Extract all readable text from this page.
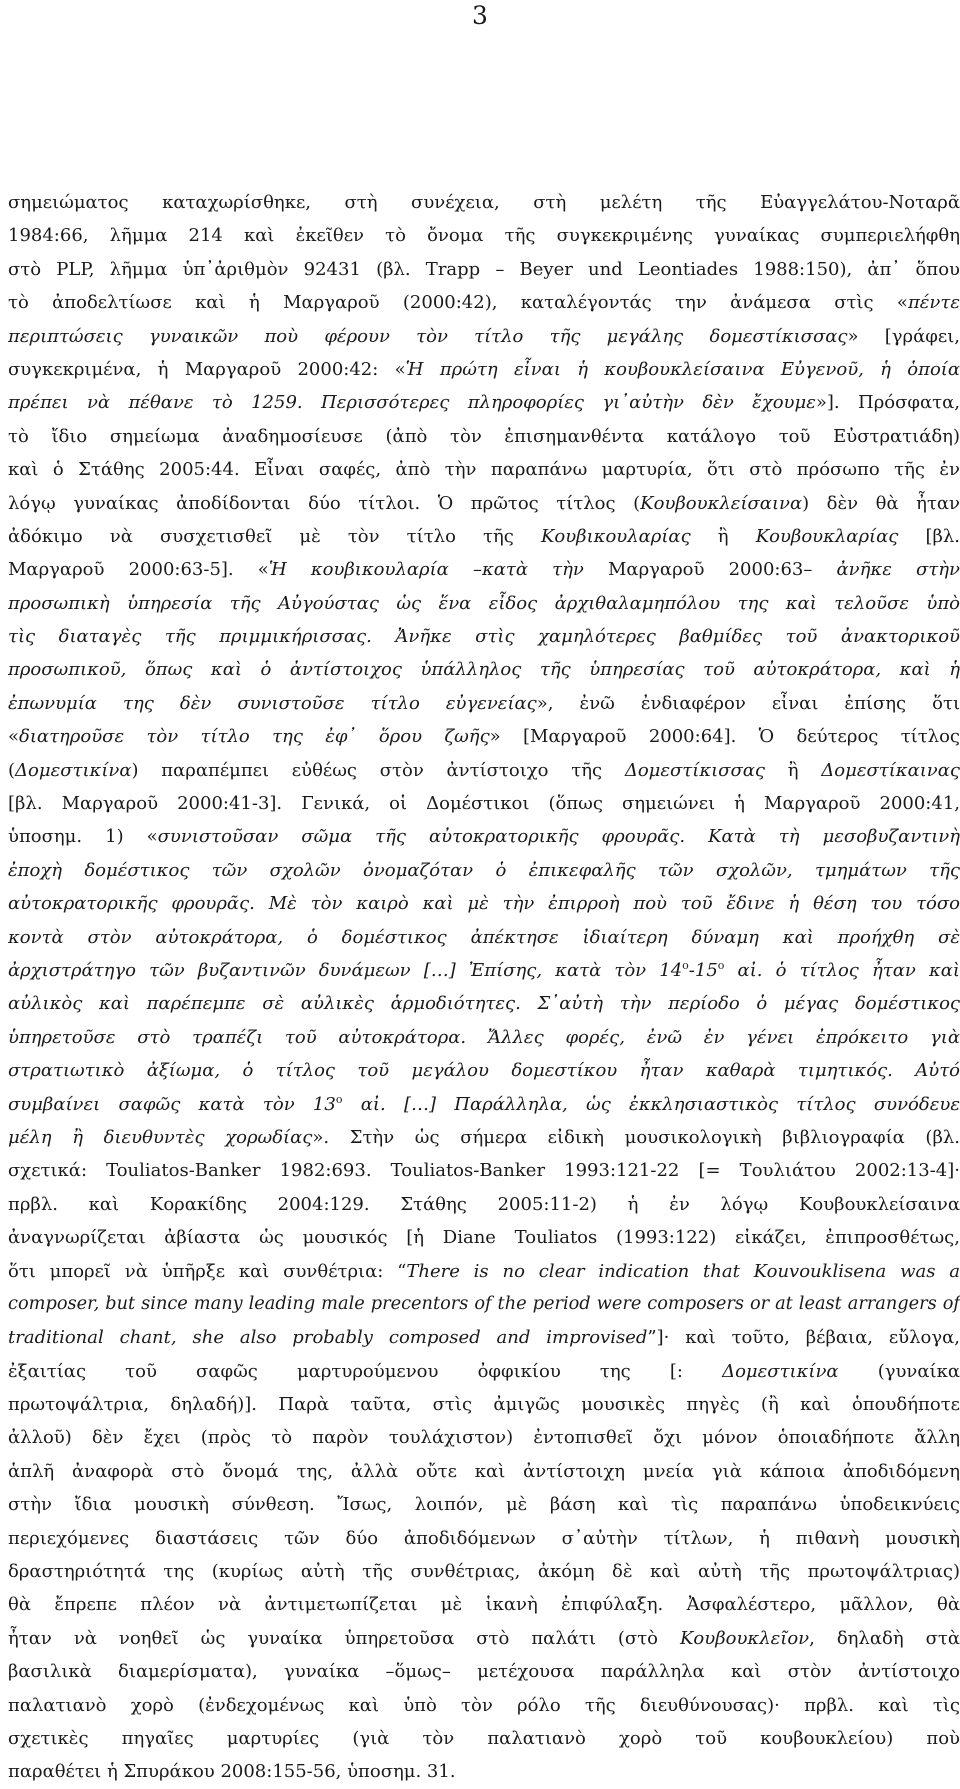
3
σημειώματος καταχωρίσθηκε, στὴ συνέχεια, στὴ μελέτη τῆς Εὐαγγελάτου-Νοταρᾶ
1984:66, λῆμμα 214 καὶ ἐκεῖθεν τὸ ὄνομα τῆς συγκεκριμένης γυναίκας συμπεριελήφθη
στὸ PLP, λῆμμα ὑπ᾽ἀριθμὸν 92431 (βλ. Trapp – Beyer und Leontiades 1988:150), ἀπ᾽ ὅπου
τὸ ἀποδελτίωσε καὶ ἡ Μαργαροῦ (2000:42), καταλέγοντάς την ἀνάμεσα στὶς «πέντε
περιπτώσεις γυναικῶν ποὺ φέρουν τὸν τίτλο τῆς μεγάλης δομεστίκισσας» [γράφει,
συγκεκριμένα, ἡ Μαργαροῦ 2000:42: «Ἡ πρώτη εἶναι ἡ κουβουκλείσαινα Εὐγενοῦ, ἡ ὁποία
πρέπει νὰ πέθανε τὸ 1259. Περισσότερες πληροφορίες γι᾽αὐτὴν δὲν ἔχουμε»]. Πρόσφατα,
τὸ ἴδιο σημείωμα ἀναδημοσίευσε (ἀπὸ τὸν ἐπισημανθέντα κατάλογο τοῦ Εὐστρατιάδη)
καὶ ὁ Στάθης 2005:44. Εἶναι σαφές, ἀπὸ τὴν παραπάνω μαρτυρία, ὅτι στὸ πρόσωπο τῆς ἐν
λόγῳ γυναίκας ἀποδίδονται δύο τίτλοι. Ὁ πρῶτος τίτλος (Κουβουκλείσαινα) δὲν θὰ ἦταν
ἀδόκιμο νὰ συσχετισθεῖ μὲ τὸν τίτλο τῆς Κουβικουλαρίας ἢ Κουβουκλαρίας [βλ.
Μαργαροῦ 2000:63-5]. «Ἡ κουβικουλαρία –κατὰ τὴν Μαργαροῦ 2000:63– ἀνῆκε στὴν
προσωπικὴ ὑπηρεσία τῆς Αὐγούστας ὡς ἕνα εἶδος ἀρχιθαλαμηπόλου της καὶ τελοῦσε ὑπὸ
τὶς διαταγὲς τῆς πριμμικήρισσας. Ἀνῆκε στὶς χαμηλότερες βαθμίδες τοῦ ἀνακτορικοῦ
προσωπικοῦ, ὅπως καὶ ὁ ἀντίστοιχος ὑπάλληλος τῆς ὑπηρεσίας τοῦ αὐτοκράτορα, καὶ ἡ
ἐπωνυμία της δὲν συνιστοῦσε τίτλο εὐγενείας», ἐνῶ ἐνδιαφέρον εἶναι ἐπίσης ὅτι
«διατηροῦσε τὸν τίτλο της ἐφ᾽ ὅρου ζωῆς» [Μαργαροῦ 2000:64]. Ὁ δεύτερος τίτλος
(Δομεστικίνα) παραπέμπει εὐθέως στὸν ἀντίστοιχο τῆς Δομεστίκισσας ἢ Δομεστίκαινας
[βλ. Μαργαροῦ 2000:41-3]. Γενικά, οἱ Δομέστικοι (ὅπως σημειώνει ἡ Μαργαροῦ 2000:41,
ὑποσημ. 1) «συνιστοῦσαν σῶμα τῆς αὐτοκρατορικῆς φρουρᾶς. Κατὰ τὴ μεσοβυζαντινὴ
ἐποχὴ δομέστικος τῶν σχολῶν ὀνομαζόταν ὁ ἐπικεφαλῆς τῶν σχολῶν, τμημάτων τῆς
αὐτοκρατορικῆς φρουρᾶς. Μὲ τὸν καιρὸ καὶ μὲ τὴν ἐπιρροὴ ποὺ τοῦ ἔδινε ἡ θέση του τόσο
κοντὰ στὸν αὐτοκράτορα, ὁ δομέστικος ἀπέκτησε ἰδιαίτερη δύναμη καὶ προήχθη σὲ
ἀρχιστράτηγο τῶν βυζαντινῶν δυνάμεων […] Ἐπίσης, κατὰ τὸν $14^o-15^o$ αἰ. ὁ τίτλος ἦταν καὶ
αὐλικὸς καὶ παρέπεμπε σὲ αὐλικὲς ἁρμοδιότητες. Σ᾽αὐτὴ τὴν περίοδο ὁ μέγας δομέστικος
ὑπηρετοῦσε στὸ τραπέζι τοῦ αὐτοκράτορα. Ἄλλες φορές, ἐνῶ ἐν γένει ἐπρόκειτο γιὰ
στρατιωτικὸ ἀξίωμα, ὁ τίτλος τοῦ μεγάλου δομεστίκου ἦταν καθαρὰ τιμητικός. Αὐτό
συμβαίνει σαφῶς κατὰ τὸν $13^o$ αἰ. […] Παράλληλα, ὡς ἐκκλησιαστικὸς τίτλος συνόδευε
μέλη ἢ διευθυντὲς χορωδίας». Στὴν ὡς σήμερα εἰδικὴ μουσικολογικὴ βιβλιογραφία (βλ.
σχετικά: Touliatos-Banker 1982:693. Touliatos-Banker 1993:121-22 [= Τουλιάτου 2002:13-4]·
πρβλ. καὶ Κορακίδης 2004:129. Στάθης 2005:11-2) ἡ ἐν λόγῳ Κουβουκλείσαινα
ἀναγνωρίζεται ἀβίαστα ὡς μουσικός [ἡ Diane Touliatos (1993:122) εἰκάζει, ἐπιπροσθέτως,
ὅτι μπορεῖ νὰ ὑπῆρξε καὶ συνθέτρια: “There is no clear indication that Kouvouklisena was a
composer, but since many leading male precentors of the period were composers or at least arrangers of
traditional chant, she also probably composed and improvised”]· καὶ τοῦτο, βέβαια, εὔλογα,
ἐξαιτίας τοῦ σαφῶς μαρτυρούμενου ὀφφικίου της [: Δομεστικίνα (γυναίκα
πρωτοψάλτρια, δηλαδή)]. Παρὰ ταῦτα, στὶς ἀμιγῶς μουσικὲς πηγὲς (ἢ καὶ ὁπουδήποτε
ἀλλοῦ) δὲν ἔχει (πρὸς τὸ παρὸν τουλάχιστον) ἐντοπισθεῖ ὄχι μόνον ὁποιαδήποτε ἄλλη
ἁπλῆ ἀναφορὰ στὸ ὄνομά της, ἀλλὰ οὔτε καὶ ἀντίστοιχη μνεία γιὰ κάποια ἀποδιδόμενη
στὴν ἴδια μουσικὴ σύνθεση. Ἴσως, λοιπόν, μὲ βάση καὶ τὶς παραπάνω ὑποδεικνύεις
περιεχόμενες διαστάσεις τῶν δύο ἀποδιδόμενων σ᾽αὐτὴν τίτλων, ἡ πιθανὴ μουσικὴ
δραστηριότητά της (κυρίως αὐτὴ τῆς συνθέτριας, ἀκόμη δὲ καὶ αὐτὴ τῆς πρωτοψάλτριας)
θὰ ἔπρεπε πλέον νὰ ἀντιμετωπίζεται μὲ ἱκανὴ ἐπιφύλαξη. Ἀσφαλέστερο, μᾶλλον, θὰ
ἦταν νὰ νοηθεῖ ὡς γυναίκα ὑπηρετοῦσα στὸ παλάτι (στὸ Κουβουκλεῖον, δηλαδὴ στὰ
βασιλικὰ διαμερίσματα), γυναίκα –ὅμως– μετέχουσα παράλληλα καὶ στὸν ἀντίστοιχο
παλατιανὸ χορὸ (ἐνδεχομένως καὶ ὑπὸ τὸν ρόλο τῆς διευθύνουσας)· πρβλ. καὶ τὶς
σχετικὲς πηγαῖες μαρτυρίες (γιὰ τὸν παλατιανὸ χορὸ τοῦ κουβουκλείου) ποὺ
παραθέτει ἡ Σπυράκου 2008:155-56, ὑποσημ. 31.
